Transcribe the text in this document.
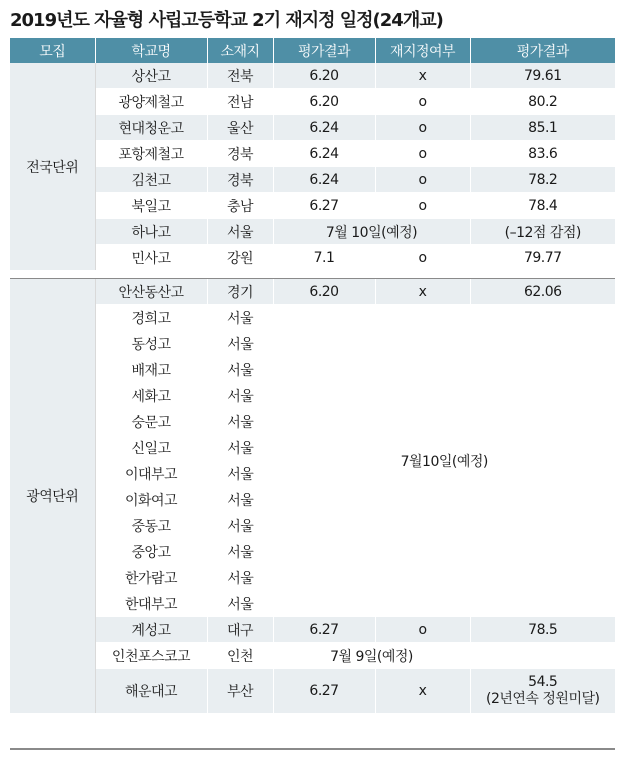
2019년도 자율형 사립고등학교 2기 재지정 일정(24개교)
모집	학교명	소재지	평가결과	재지정여부	평가결과
전국단위	상산고	전북	6.20	x	79.61
	광양제철고	전남	6.20	o	80.2
	현대청운고	울산	6.24	o	85.1
	포항제철고	경북	6.24	o	83.6
	김천고	경북	6.24	o	78.2
	북일고	충남	6.27	o	78.4
	하나고	서울	7월 10일(예정)		(–12점 감점)
	민사고	강원	7.1	o	79.77

광역단위	안산동산고	경기	6.20	x	62.06
	경희고	서울	7월10일(예정)		
	동성고	서울			
	배재고	서울			
	세화고	서울			
	숭문고	서울			
	신일고	서울			
	이대부고	서울			
	이화여고	서울			
	중동고	서울			
	중앙고	서울			
	한가람고	서울			
	한대부고	서울			
	계성고	대구	6.27	o	78.5
	인천포스코고	인천	7월 9일(예정)		
	해운대고	부산	6.27	x	54.5
(2년연속 정원미달)
